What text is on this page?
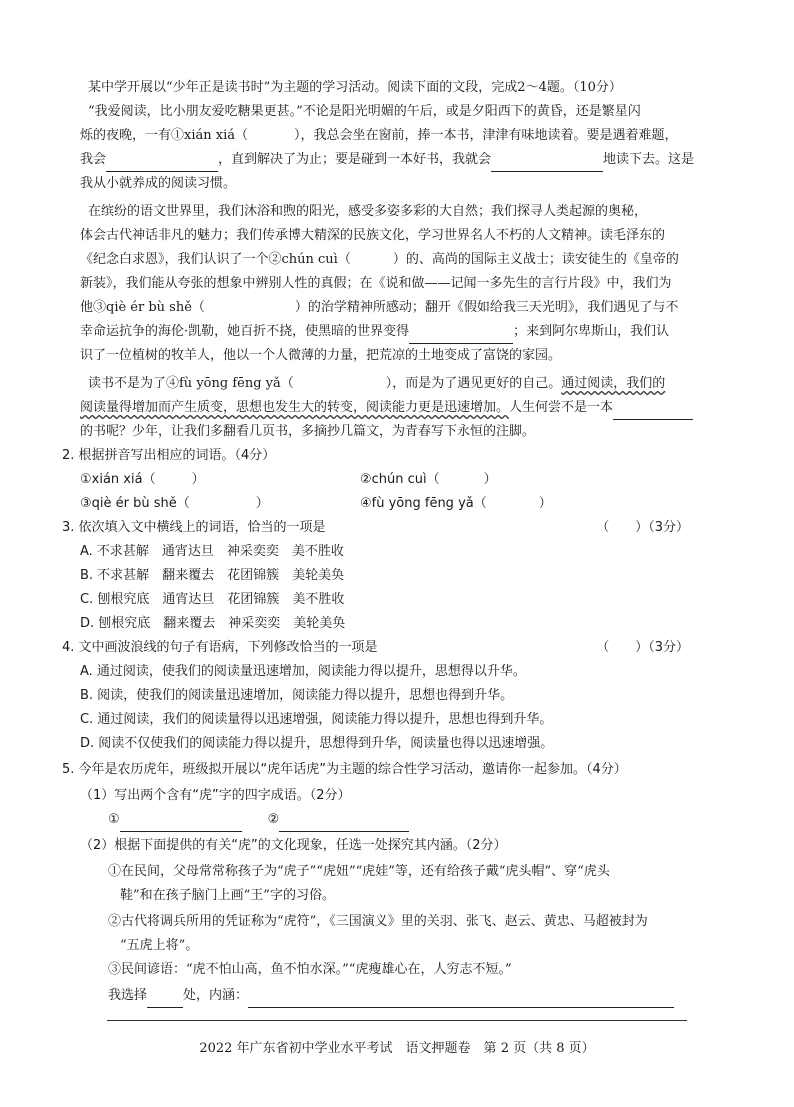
某中学开展以“少年正是读书时”为主题的学习活动。阅读下面的文段，完成2～4题。（10分）
“我爱阅读，比小朋友爱吃糖果更甚。”不论是阳光明媚的午后，或是夕阳西下的黄昏，还是繁星闪
烁的夜晚，一有①xián xiá（	），我总会坐在窗前，捧一本书，津津有味地读着。要是遇着难题，
我会	，直到解决了为止；要是碰到一本好书，我就会	地读下去。这是
我从小就养成的阅读习惯。
在缤纷的语文世界里，我们沐浴和煦的阳光，感受多姿多彩的大自然；我们探寻人类起源的奥秘，
体会古代神话非凡的魅力；我们传承博大精深的民族文化，学习世界名人不朽的人文精神。读毛泽东的
《纪念白求恩》，我们认识了一个②chún cuì（	）的、高尚的国际主义战士；读安徒生的《皇帝的
新装》，我们能从夸张的想象中辨别人性的真假；在《说和做——记闻一多先生的言行片段》中，我们为
他③qiè ér bù shě（	）的治学精神所感动；翻开《假如给我三天光明》，我们遇见了与不
幸命运抗争的海伦·凯勒，她百折不挠，使黑暗的世界变得	；来到阿尔卑斯山，我们认
识了一位植树的牧羊人，他以一个人微薄的力量，把荒凉的土地变成了富饶的家园。
读书不是为了④fù yōng fēng yǎ（	），而是为了遇见更好的自己。通过阅读，我们的
阅读量得增加而产生质变，思想也发生大的转变，阅读能力更是迅速增加。人生何尝不是一本
的书呢？少年，让我们多翻看几页书，多摘抄几篇文，为青春写下永恒的注脚。
2. 根据拼音写出相应的词语。（4分）
①xián xiá（	）	②chún cuì（	）
③qiè ér bù shě（	）	④fù yōng fēng yǎ（	）
3. 依次填入文中横线上的词语，恰当的一项是	（　　）（3分）
A. 不求甚解　通宵达旦　神采奕奕　美不胜收
B. 不求甚解　翻来覆去　花团锦簇　美轮美奂
C. 刨根究底　通宵达旦　花团锦簇　美不胜收
D. 刨根究底　翻来覆去　神采奕奕　美轮美奂
4. 文中画波浪线的句子有语病，下列修改恰当的一项是	（　　）（3分）
A. 通过阅读，使我们的阅读量迅速增加，阅读能力得以提升，思想得以升华。
B. 阅读，使我们的阅读量迅速增加，阅读能力得以提升，思想也得到升华。
C. 通过阅读，我们的阅读量得以迅速增强，阅读能力得以提升，思想也得到升华。
D. 阅读不仅使我们的阅读能力得以提升，思想得到升华，阅读量也得以迅速增强。
5. 今年是农历虎年，班级拟开展以“虎年话虎”为主题的综合性学习活动，邀请你一起参加。（4分）
（1）写出两个含有“虎”字的四字成语。（2分）
①	②
（2）根据下面提供的有关“虎”的文化现象，任选一处探究其内涵。（2分）
①在民间，父母常常称孩子为“虎子”“虎妞”“虎娃”等，还有给孩子戴“虎头帽”、穿“虎头
鞋”和在孩子脑门上画“王”字的习俗。
②古代将调兵所用的凭证称为“虎符”，《三国演义》里的关羽、张飞、赵云、黄忠、马超被封为
“五虎上将”。
③民间谚语：“虎不怕山高，鱼不怕水深。”“虎瘦雄心在，人穷志不短。”
我选择	处，内涵：
2022 年广东省初中学业水平考试　语文押题卷　第 2 页（共 8 页）
